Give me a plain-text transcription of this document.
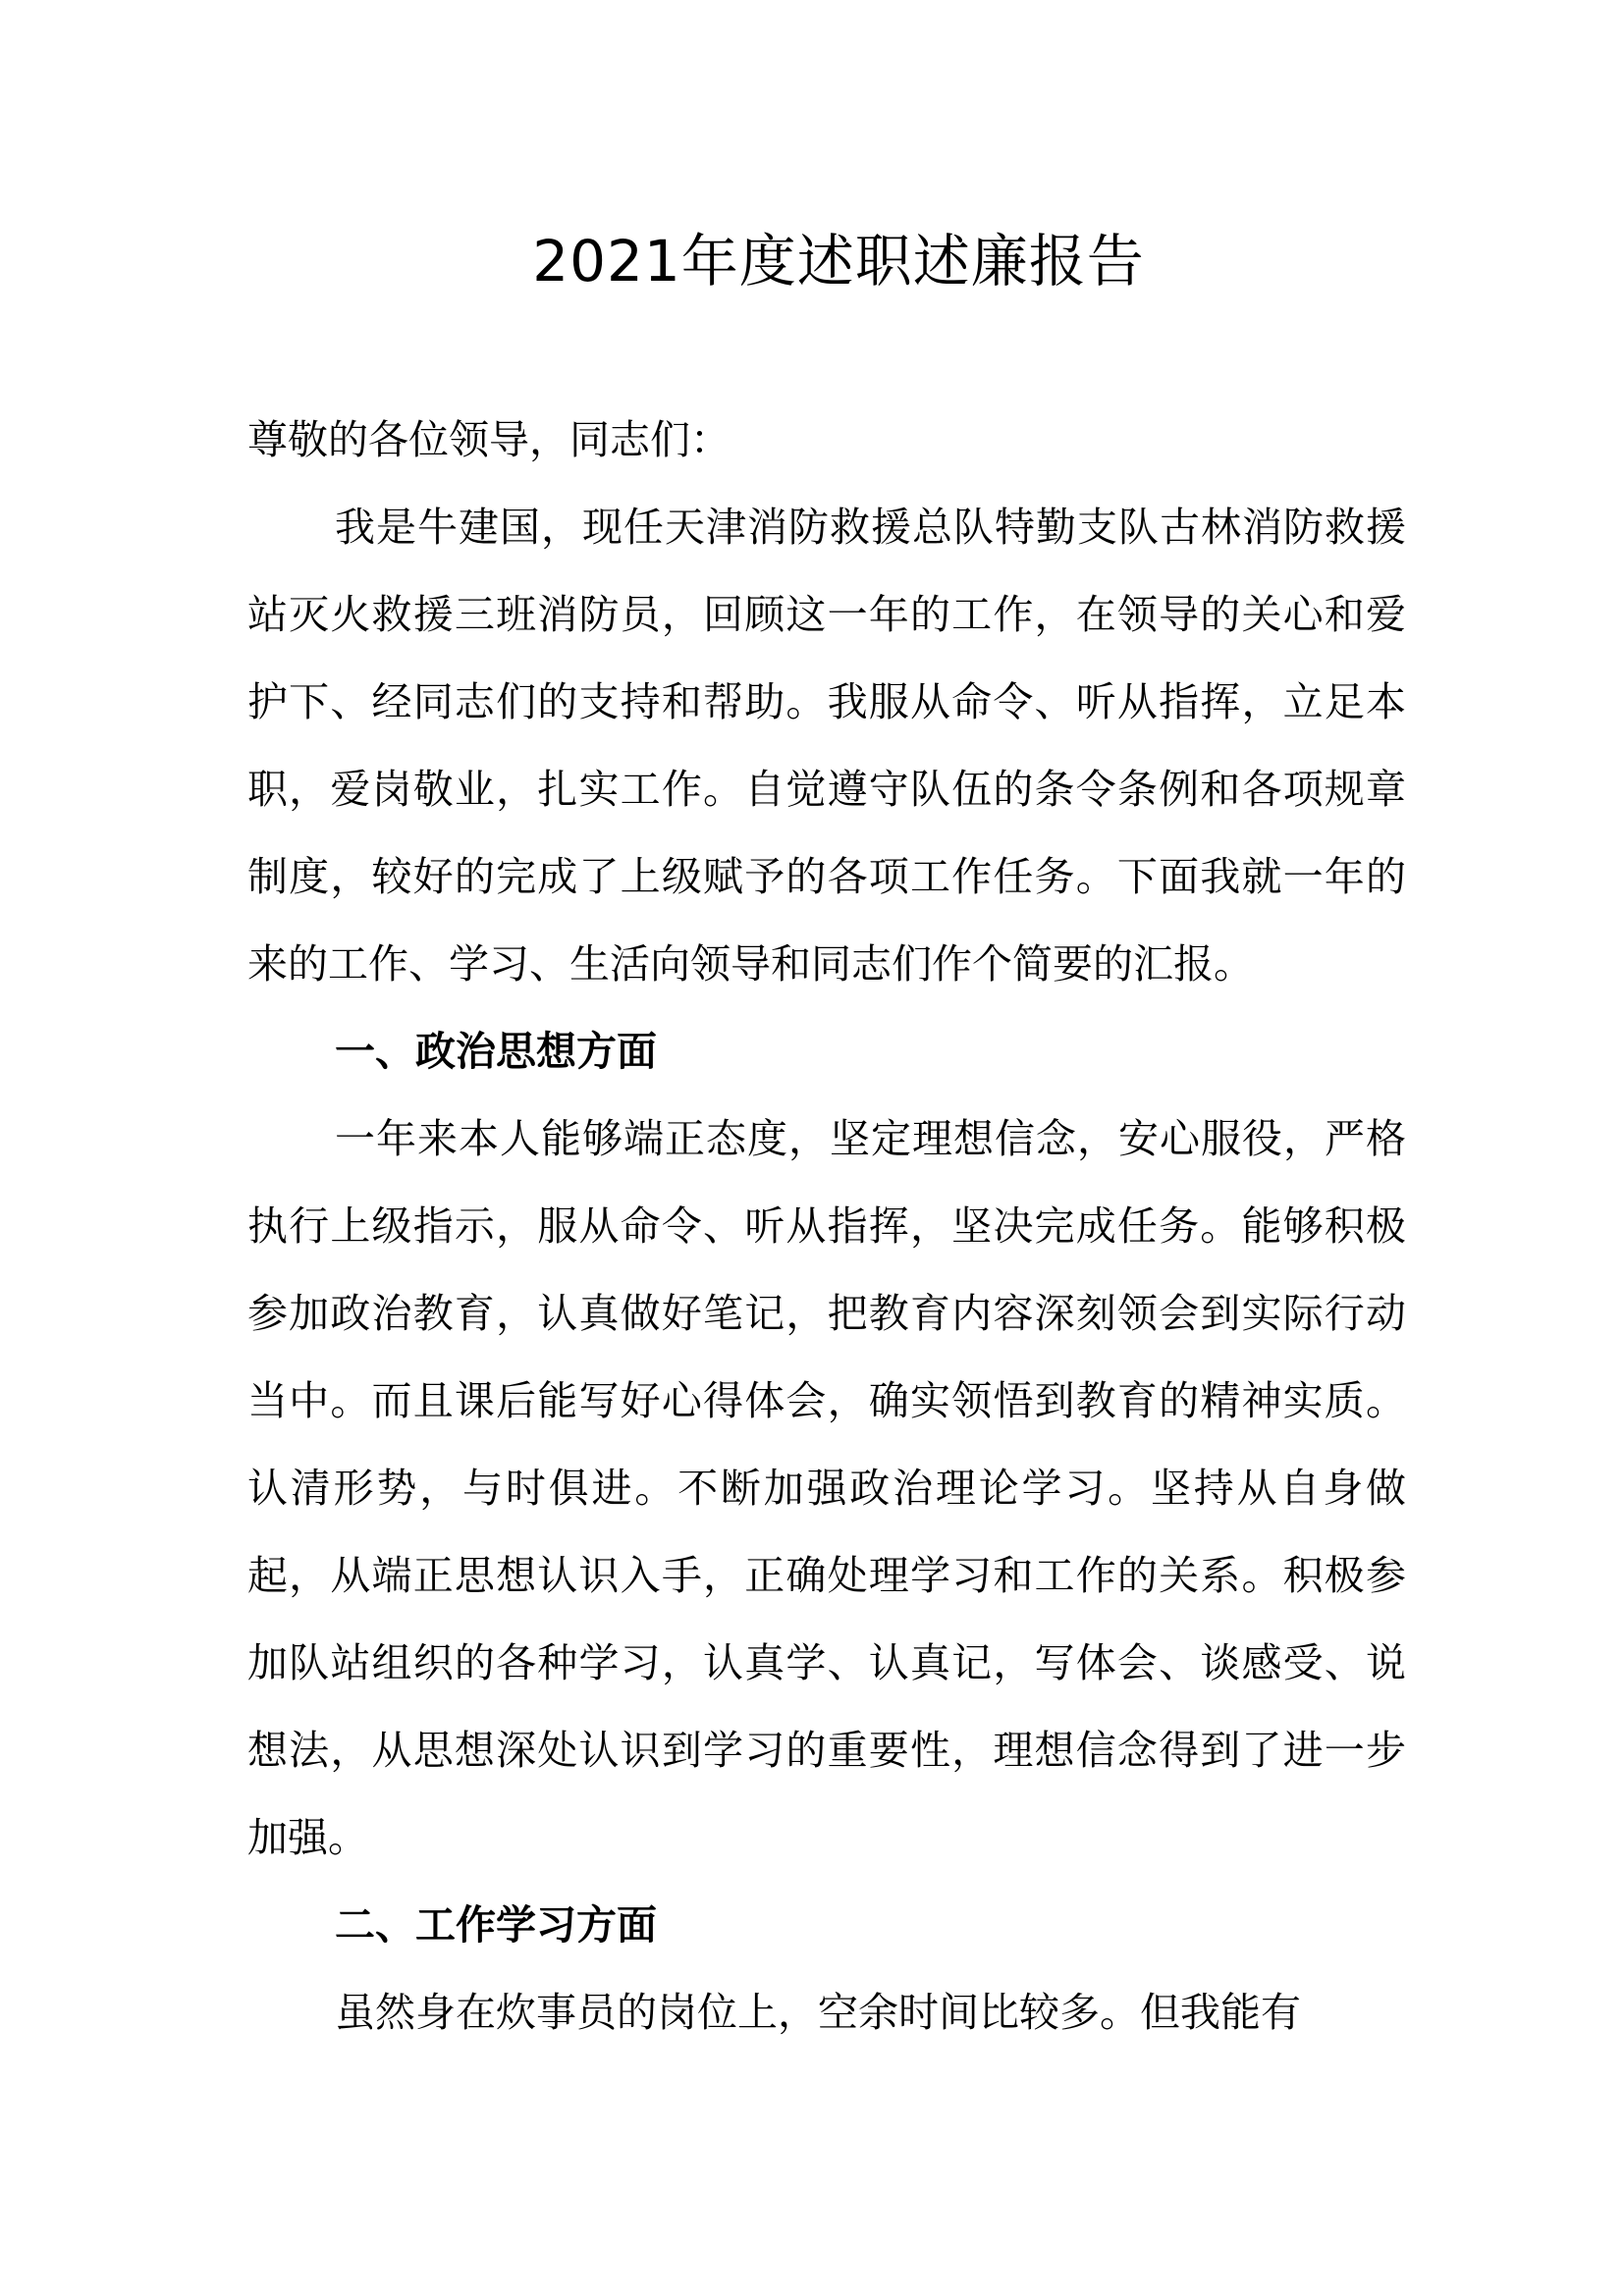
2021年度述职述廉报告

尊敬的各位领导，同志们：

我是牛建国，现任天津消防救援总队特勤支队古林消防救援站灭火救援三班消防员，回顾这一年的工作，在领导的关心和爱护下、经同志们的支持和帮助。我服从命令、听从指挥，立足本职，爱岗敬业，扎实工作。自觉遵守队伍的条令条例和各项规章制度，较好的完成了上级赋予的各项工作任务。下面我就一年的来的工作、学习、生活向领导和同志们作个简要的汇报。

一、政治思想方面

一年来本人能够端正态度，坚定理想信念，安心服役，严格执行上级指示，服从命令、听从指挥，坚决完成任务。能够积极参加政治教育，认真做好笔记，把教育内容深刻领会到实际行动当中。而且课后能写好心得体会，确实领悟到教育的精神实质。认清形势，与时俱进。不断加强政治理论学习。坚持从自身做起，从端正思想认识入手，正确处理学习和工作的关系。积极参加队站组织的各种学习，认真学、认真记，写体会、谈感受、说想法，从思想深处认识到学习的重要性，理想信念得到了进一步加强。

二、工作学习方面

虽然身在炊事员的岗位上，空余时间比较多。但我能有
